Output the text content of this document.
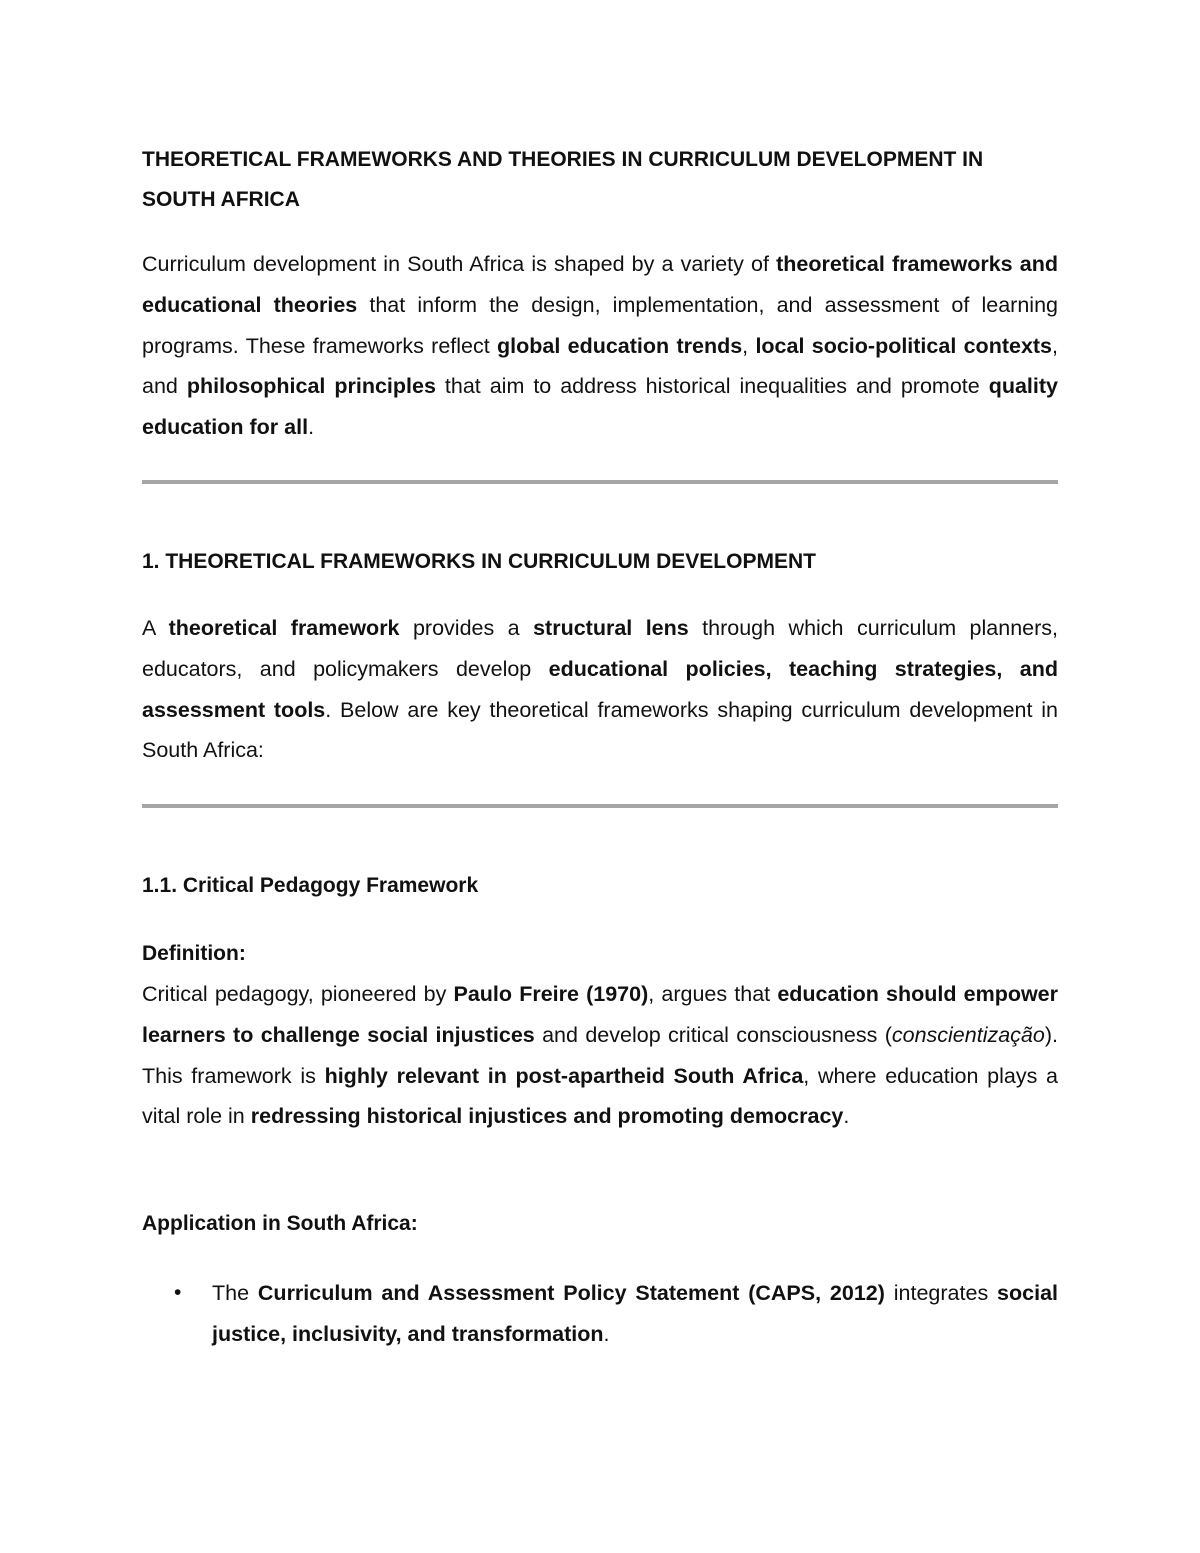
THEORETICAL FRAMEWORKS AND THEORIES IN CURRICULUM DEVELOPMENT IN SOUTH AFRICA
Curriculum development in South Africa is shaped by a variety of theoretical frameworks and educational theories that inform the design, implementation, and assessment of learning programs. These frameworks reflect global education trends, local socio-political contexts, and philosophical principles that aim to address historical inequalities and promote quality education for all.
1. THEORETICAL FRAMEWORKS IN CURRICULUM DEVELOPMENT
A theoretical framework provides a structural lens through which curriculum planners, educators, and policymakers develop educational policies, teaching strategies, and assessment tools. Below are key theoretical frameworks shaping curriculum development in South Africa:
1.1. Critical Pedagogy Framework
Definition:
Critical pedagogy, pioneered by Paulo Freire (1970), argues that education should empower learners to challenge social injustices and develop critical consciousness (conscientização). This framework is highly relevant in post-apartheid South Africa, where education plays a vital role in redressing historical injustices and promoting democracy.
Application in South Africa:
• The Curriculum and Assessment Policy Statement (CAPS, 2012) integrates social justice, inclusivity, and transformation.
